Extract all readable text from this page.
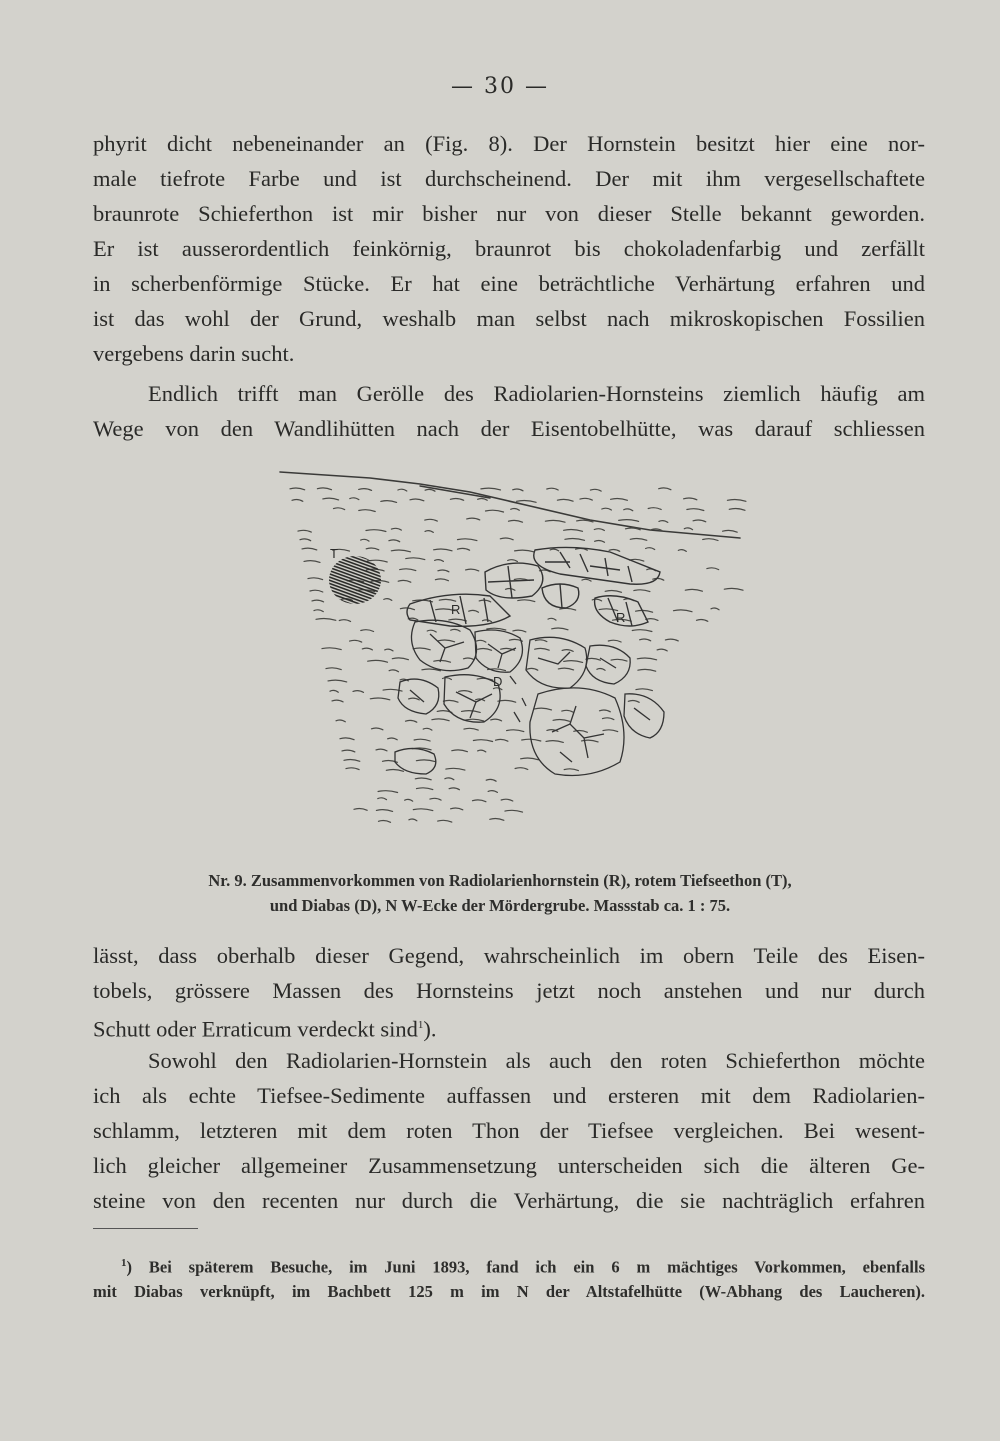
— 30 —
phyrit dicht nebeneinander an (Fig. 8). Der Hornstein besitzt hier eine nor-
male tiefrote Farbe und ist durchscheinend. Der mit ihm vergesellschaftete
braunrote Schieferthon ist mir bisher nur von dieser Stelle bekannt geworden.
Er ist ausserordentlich feinkörnig, braunrot bis chokoladenfarbig und zerfällt
in scherbenförmige Stücke. Er hat eine beträchtliche Verhärtung erfahren und
ist das wohl der Grund, weshalb man selbst nach mikroskopischen Fossilien
vergebens darin sucht.
Endlich trifft man Gerölle des Radiolarien-Hornsteins ziemlich häufig am
Wege von den Wandlihütten nach der Eisentobelhütte, was darauf schliessen
T
R
R
D
Nr. 9. Zusammenvorkommen von Radiolarienhornstein (R), rotem Tiefseethon (T),
und Diabas (D), N W-Ecke der Mördergrube. Massstab ca. 1 : 75.
lässt, dass oberhalb dieser Gegend, wahrscheinlich im obern Teile des Eisen-
tobels, grössere Massen des Hornsteins jetzt noch anstehen und nur durch
Schutt oder Erraticum verdeckt sind$^1$).
Sowohl den Radiolarien-Hornstein als auch den roten Schieferthon möchte
ich als echte Tiefsee-Sedimente auffassen und ersteren mit dem Radiolarien-
schlamm, letzteren mit dem roten Thon der Tiefsee vergleichen. Bei wesent-
lich gleicher allgemeiner Zusammensetzung unterscheiden sich die älteren Ge-
steine von den recenten nur durch die Verhärtung, die sie nachträglich erfahren
$^1$) Bei späterem Besuche, im Juni 1893, fand ich ein 6 m mächtiges Vorkommen, ebenfalls
mit Diabas verknüpft, im Bachbett 125 m im N der Altstafelhütte (W-Abhang des Laucheren).
